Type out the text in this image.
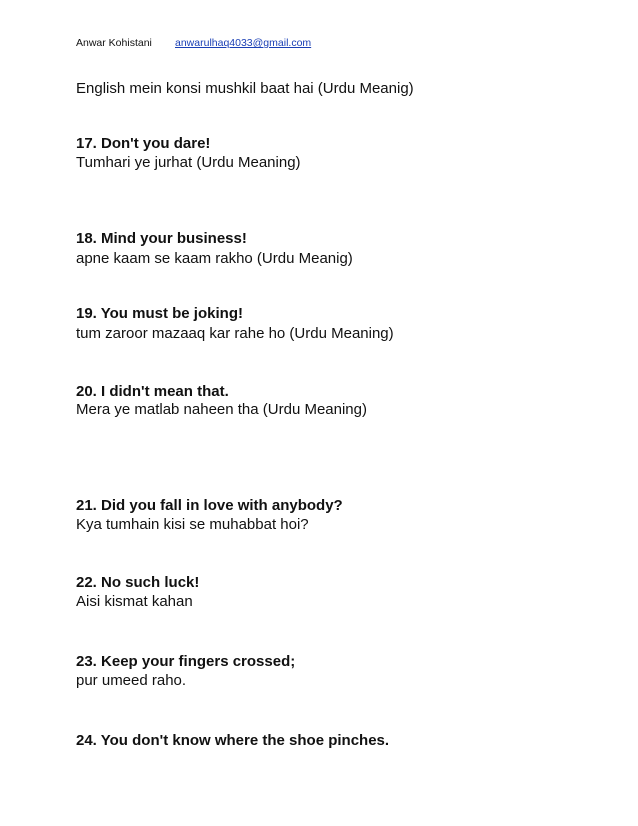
Anwar Kohistani anwarulhaq4033@gmail.com
English mein konsi mushkil baat hai (Urdu Meanig)
17. Don't you dare!
Tumhari ye jurhat (Urdu Meaning)
18. Mind your business!
apne kaam se kaam rakho (Urdu Meanig)
19. You must be joking!
tum zaroor mazaaq kar rahe ho (Urdu Meaning)
20. I didn't mean that.
Mera ye matlab naheen tha (Urdu Meaning)
21. Did you fall in love with anybody?
Kya tumhain kisi se muhabbat hoi?
22. No such luck!
Aisi kismat kahan
23. Keep your fingers crossed;
pur umeed raho.
24. You don't know where the shoe pinches.
